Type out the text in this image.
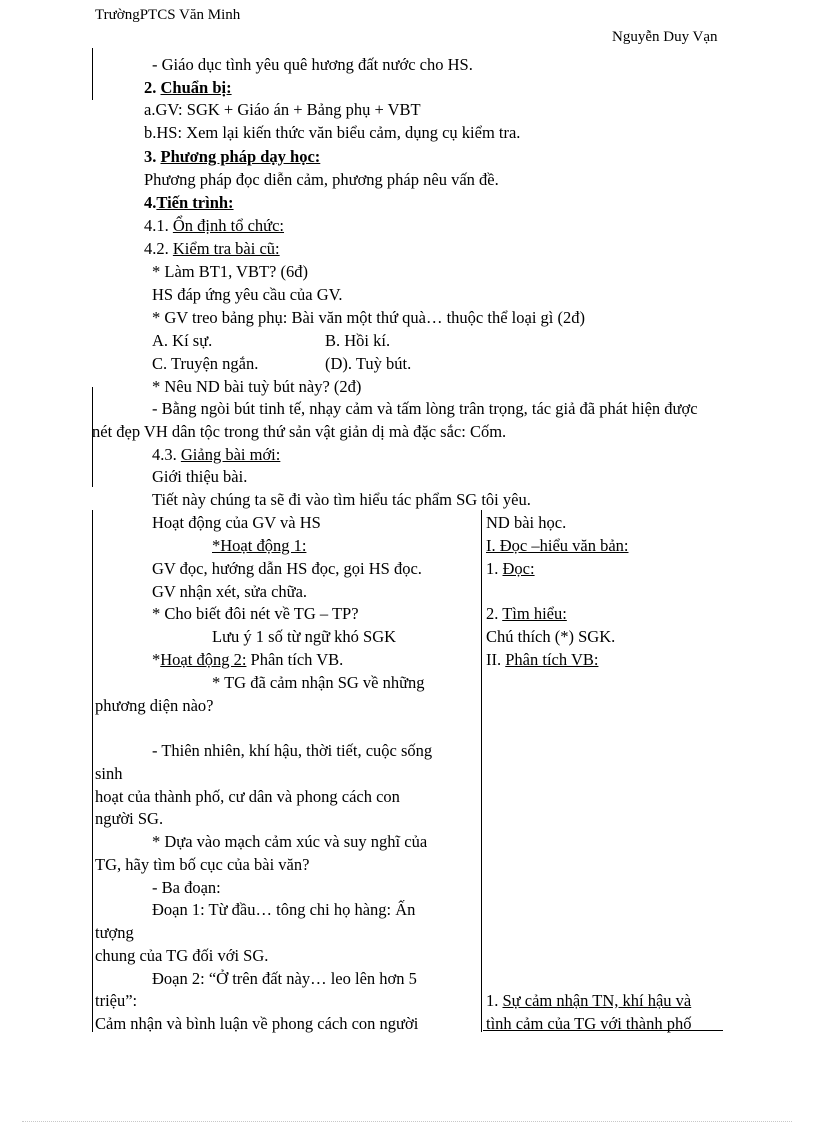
TrườngPTCS Văn Minh
Nguyễn Duy Vạn
- Giáo dục tình yêu quê hương đất nước cho HS.
2. Chuẩn bị:
a.GV: SGK + Giáo án + Bảng phụ + VBT
b.HS: Xem lại kiến thức văn biểu cảm, dụng cụ kiểm tra.
3. Phương pháp dạy học:
Phương pháp đọc diễn cảm, phương pháp nêu vấn đề.
4.Tiến trình:
4.1. Ổn định tổ chức:
4.2. Kiểm tra bài cũ:
* Làm BT1, VBT? (6đ)
HS đáp ứng yêu cầu của GV.
* GV treo bảng phụ: Bài văn một thứ quà… thuộc thể loại gì (2đ)
A. Kí sự.	B. Hồi kí.
C. Truyện ngắn.	(D). Tuỳ bút.
* Nêu ND bài tuỳ bút này? (2đ)
- Bằng ngòi bút tinh tế, nhạy cảm và tấm lòng trân trọng, tác giả đã phát hiện được
nét đẹp VH dân tộc trong thứ sản vật giản dị mà đặc sắc: Cốm.
4.3. Giảng bài mới:
Giới thiệu bài.
Tiết này chúng ta sẽ đi vào tìm hiểu tác phẩm SG tôi yêu.
Hoạt động của GV và HS
*Hoạt động 1:
GV đọc, hướng dẫn HS đọc, gọi HS đọc.
GV nhận xét, sửa chữa.
* Cho biết đôi nét về TG – TP?
Lưu ý 1 số từ ngữ khó SGK
*Hoạt động 2: Phân tích VB.
* TG đã cảm nhận SG về những
phương diện nào?
- Thiên nhiên, khí hậu, thời tiết, cuộc sống
sinh
hoạt của thành phố, cư dân và phong cách con
người SG.
* Dựa vào mạch cảm xúc và suy nghĩ của
TG, hãy tìm bố cục của bài văn?
- Ba đoạn:
Đoạn 1: Từ đầu… tông chi họ hàng: Ấn
tượng
chung của TG đối với SG.
Đoạn 2: “Ở trên đất này… leo lên hơn 5
triệu”:
Cảm nhận và bình luận về phong cách con người
ND bài học.
I. Đọc –hiểu văn bản:
1. Đọc:
2. Tìm hiểu:
Chú thích (*) SGK.
II. Phân tích VB:
1. Sự cảm nhận TN, khí hậu và
tình cảm của TG với thành phố
